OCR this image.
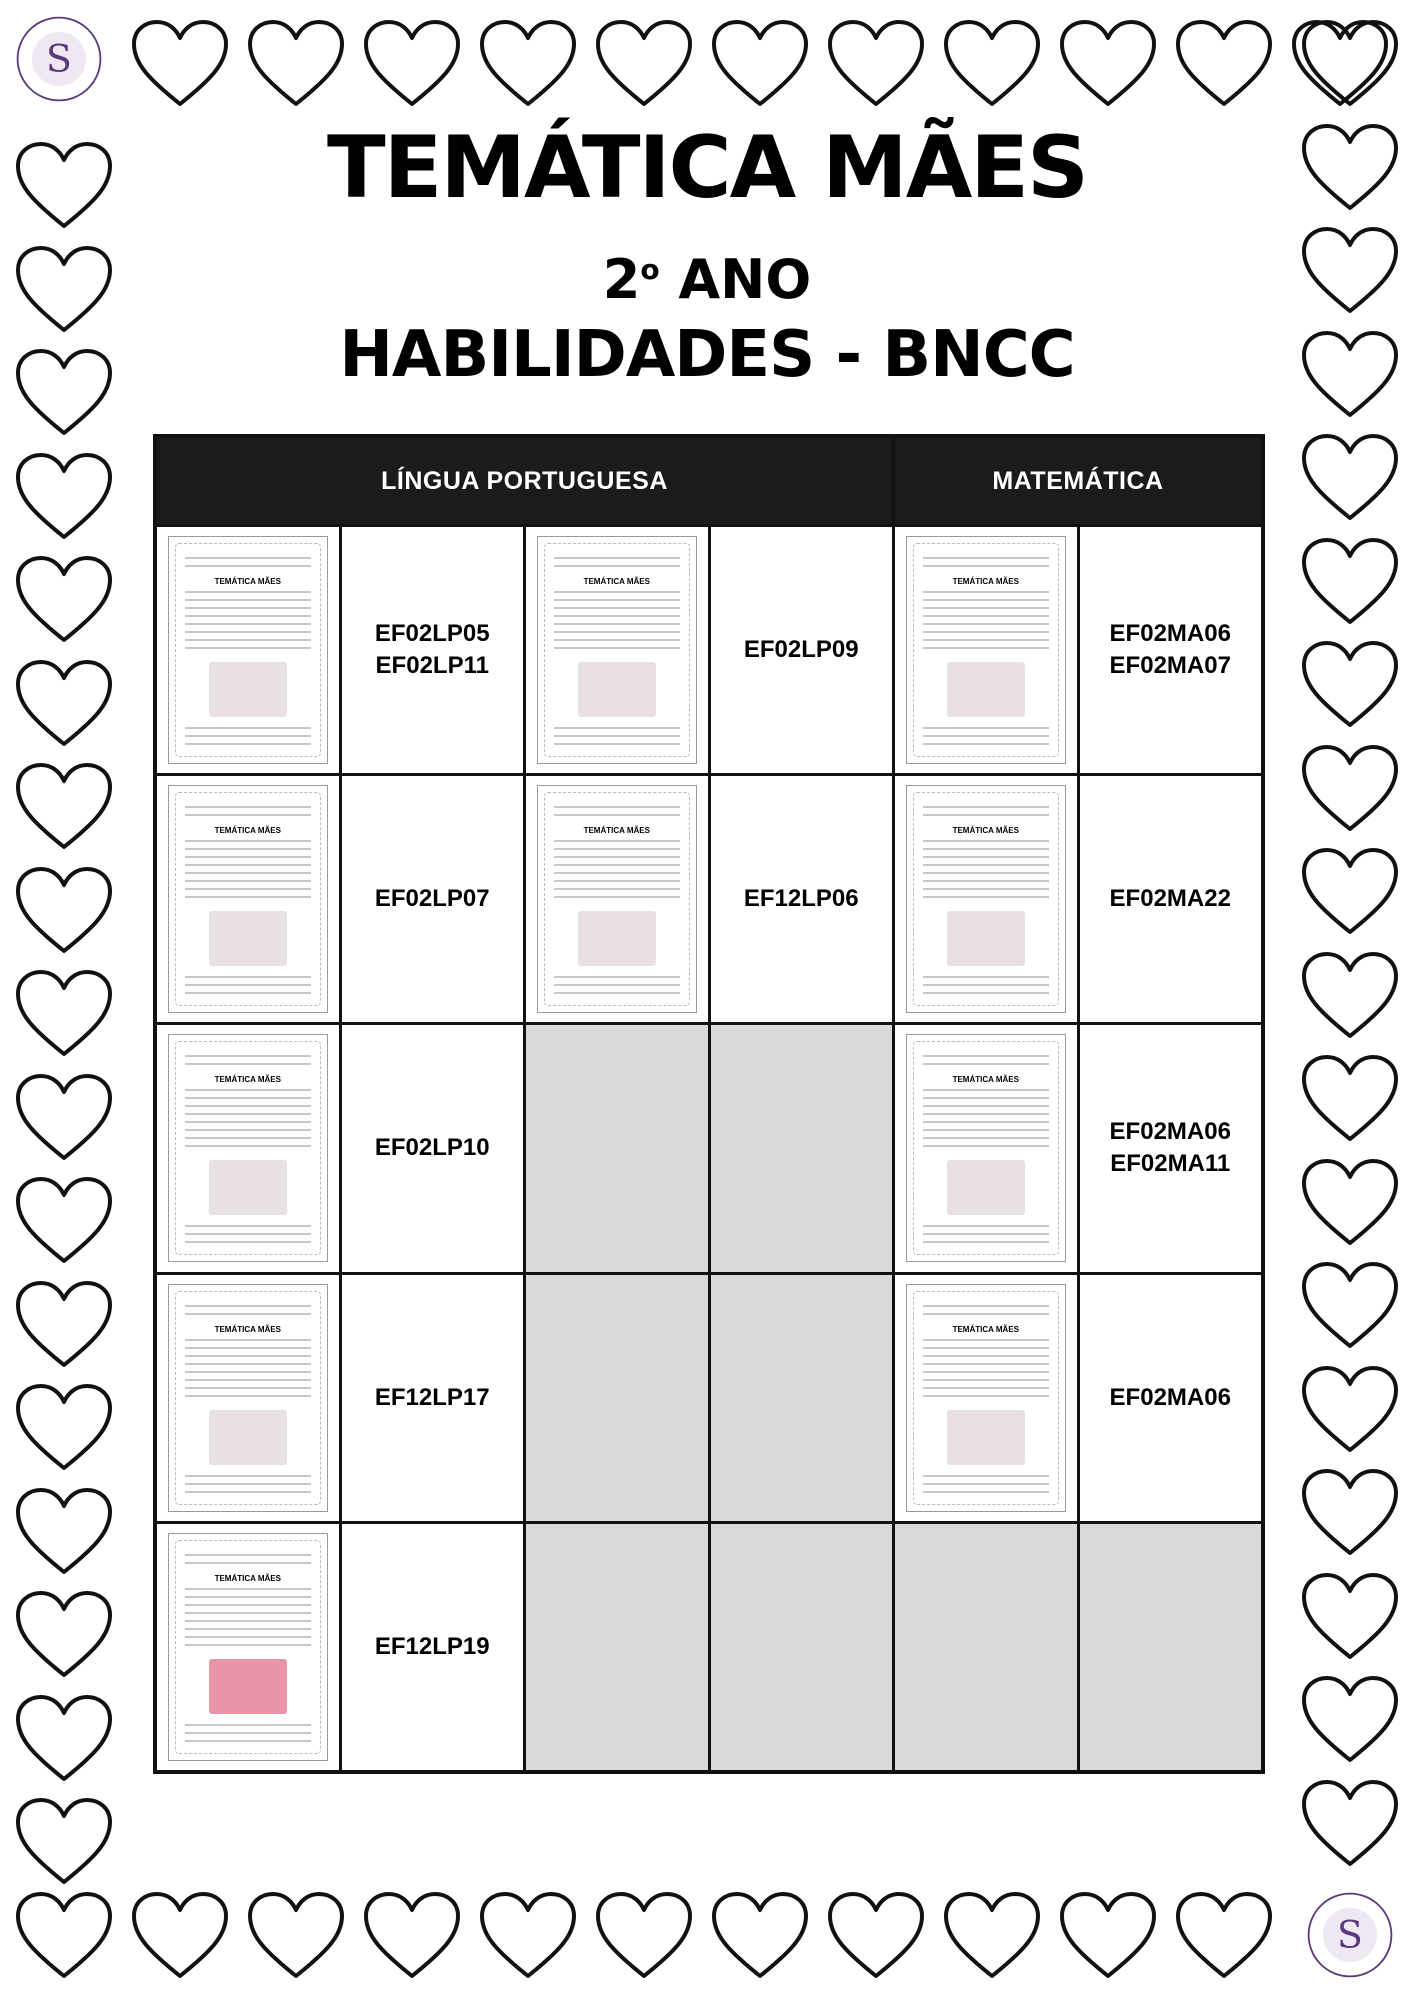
S
S
TEMÁTICA MÃES
2$^o$ ANO
HABILIDADES - BNCC
LÍNGUA PORTUGUESA	MATEMÁTICA
TEMÁTICA MÃES
EF02LP05
EF02LP11
TEMÁTICA MÃES
EF02LP09
TEMÁTICA MÃES
EF02MA06
EF02MA07
TEMÁTICA MÃES
EF02LP07
TEMÁTICA MÃES
EF12LP06
TEMÁTICA MÃES
EF02MA22
TEMÁTICA MÃES
EF02LP10
TEMÁTICA MÃES
EF02MA06
EF02MA11
TEMÁTICA MÃES
EF12LP17
TEMÁTICA MÃES
EF02MA06
TEMÁTICA MÃES
EF12LP19
